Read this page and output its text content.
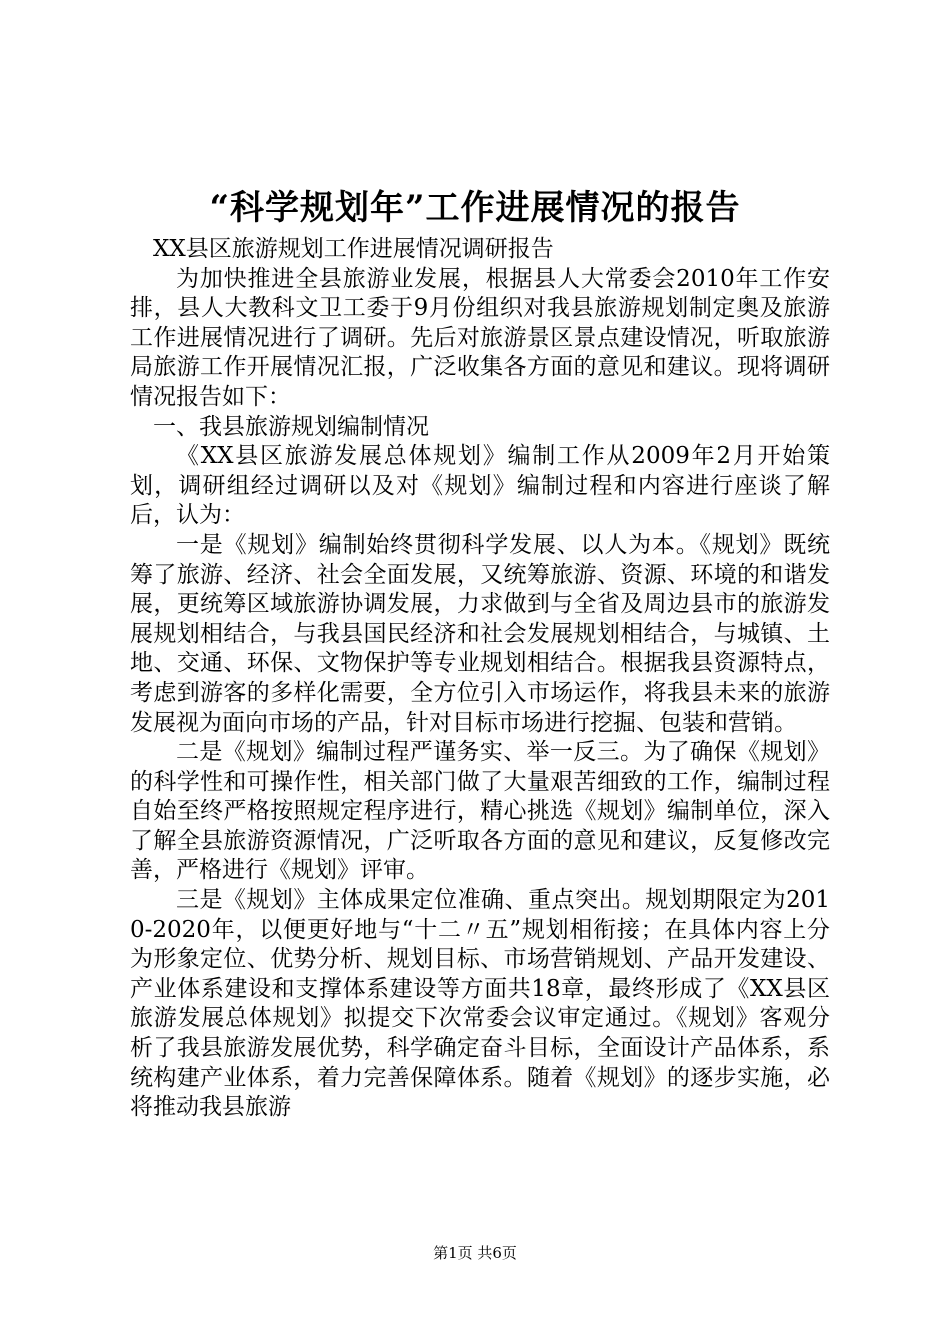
“科学规划年”工作进展情况的报告

XX县区旅游规划工作进展情况调研报告

为加快推进全县旅游业发展，根据县人大常委会2010年工作安排，县人大教科文卫工委于9月份组织对我县旅游规划制定奥及旅游工作进展情况进行了调研。先后对旅游景区景点建设情况，听取旅游局旅游工作开展情况汇报，广泛收集各方面的意见和建议。现将调研情况报告如下：

一、我县旅游规划编制情况

《XX县区旅游发展总体规划》编制工作从2009年2月开始策划，调研组经过调研以及对《规划》编制过程和内容进行座谈了解后，认为：

一是《规划》编制始终贯彻科学发展、以人为本。《规划》既统筹了旅游、经济、社会全面发展，又统筹旅游、资源、环境的和谐发展，更统筹区域旅游协调发展，力求做到与全省及周边县市的旅游发展规划相结合，与我县国民经济和社会发展规划相结合，与城镇、土地、交通、环保、文物保护等专业规划相结合。根据我县资源特点，考虑到游客的多样化需要，全方位引入市场运作，将我县未来的旅游发展视为面向市场的产品，针对目标市场进行挖掘、包装和营销。

二是《规划》编制过程严谨务实、举一反三。为了确保《规划》的科学性和可操作性，相关部门做了大量艰苦细致的工作，编制过程自始至终严格按照规定程序进行，精心挑选《规划》编制单位，深入了解全县旅游资源情况，广泛听取各方面的意见和建议，反复修改完善，严格进行《规划》评审。

三是《规划》主体成果定位准确、重点突出。规划期限定为2010-2020年，以便更好地与“十二〃五”规划相衔接；在具体内容上分为形象定位、优势分析、规划目标、市场营销规划、产品开发建设、产业体系建设和支撑体系建设等方面共18章，最终形成了《XX县区旅游发展总体规划》拟提交下次常委会议审定通过。《规划》客观分析了我县旅游发展优势，科学确定奋斗目标，全面设计产品体系，系统构建产业体系，着力完善保障体系。随着《规划》的逐步实施，必将推动我县旅游

第1页 共6页
